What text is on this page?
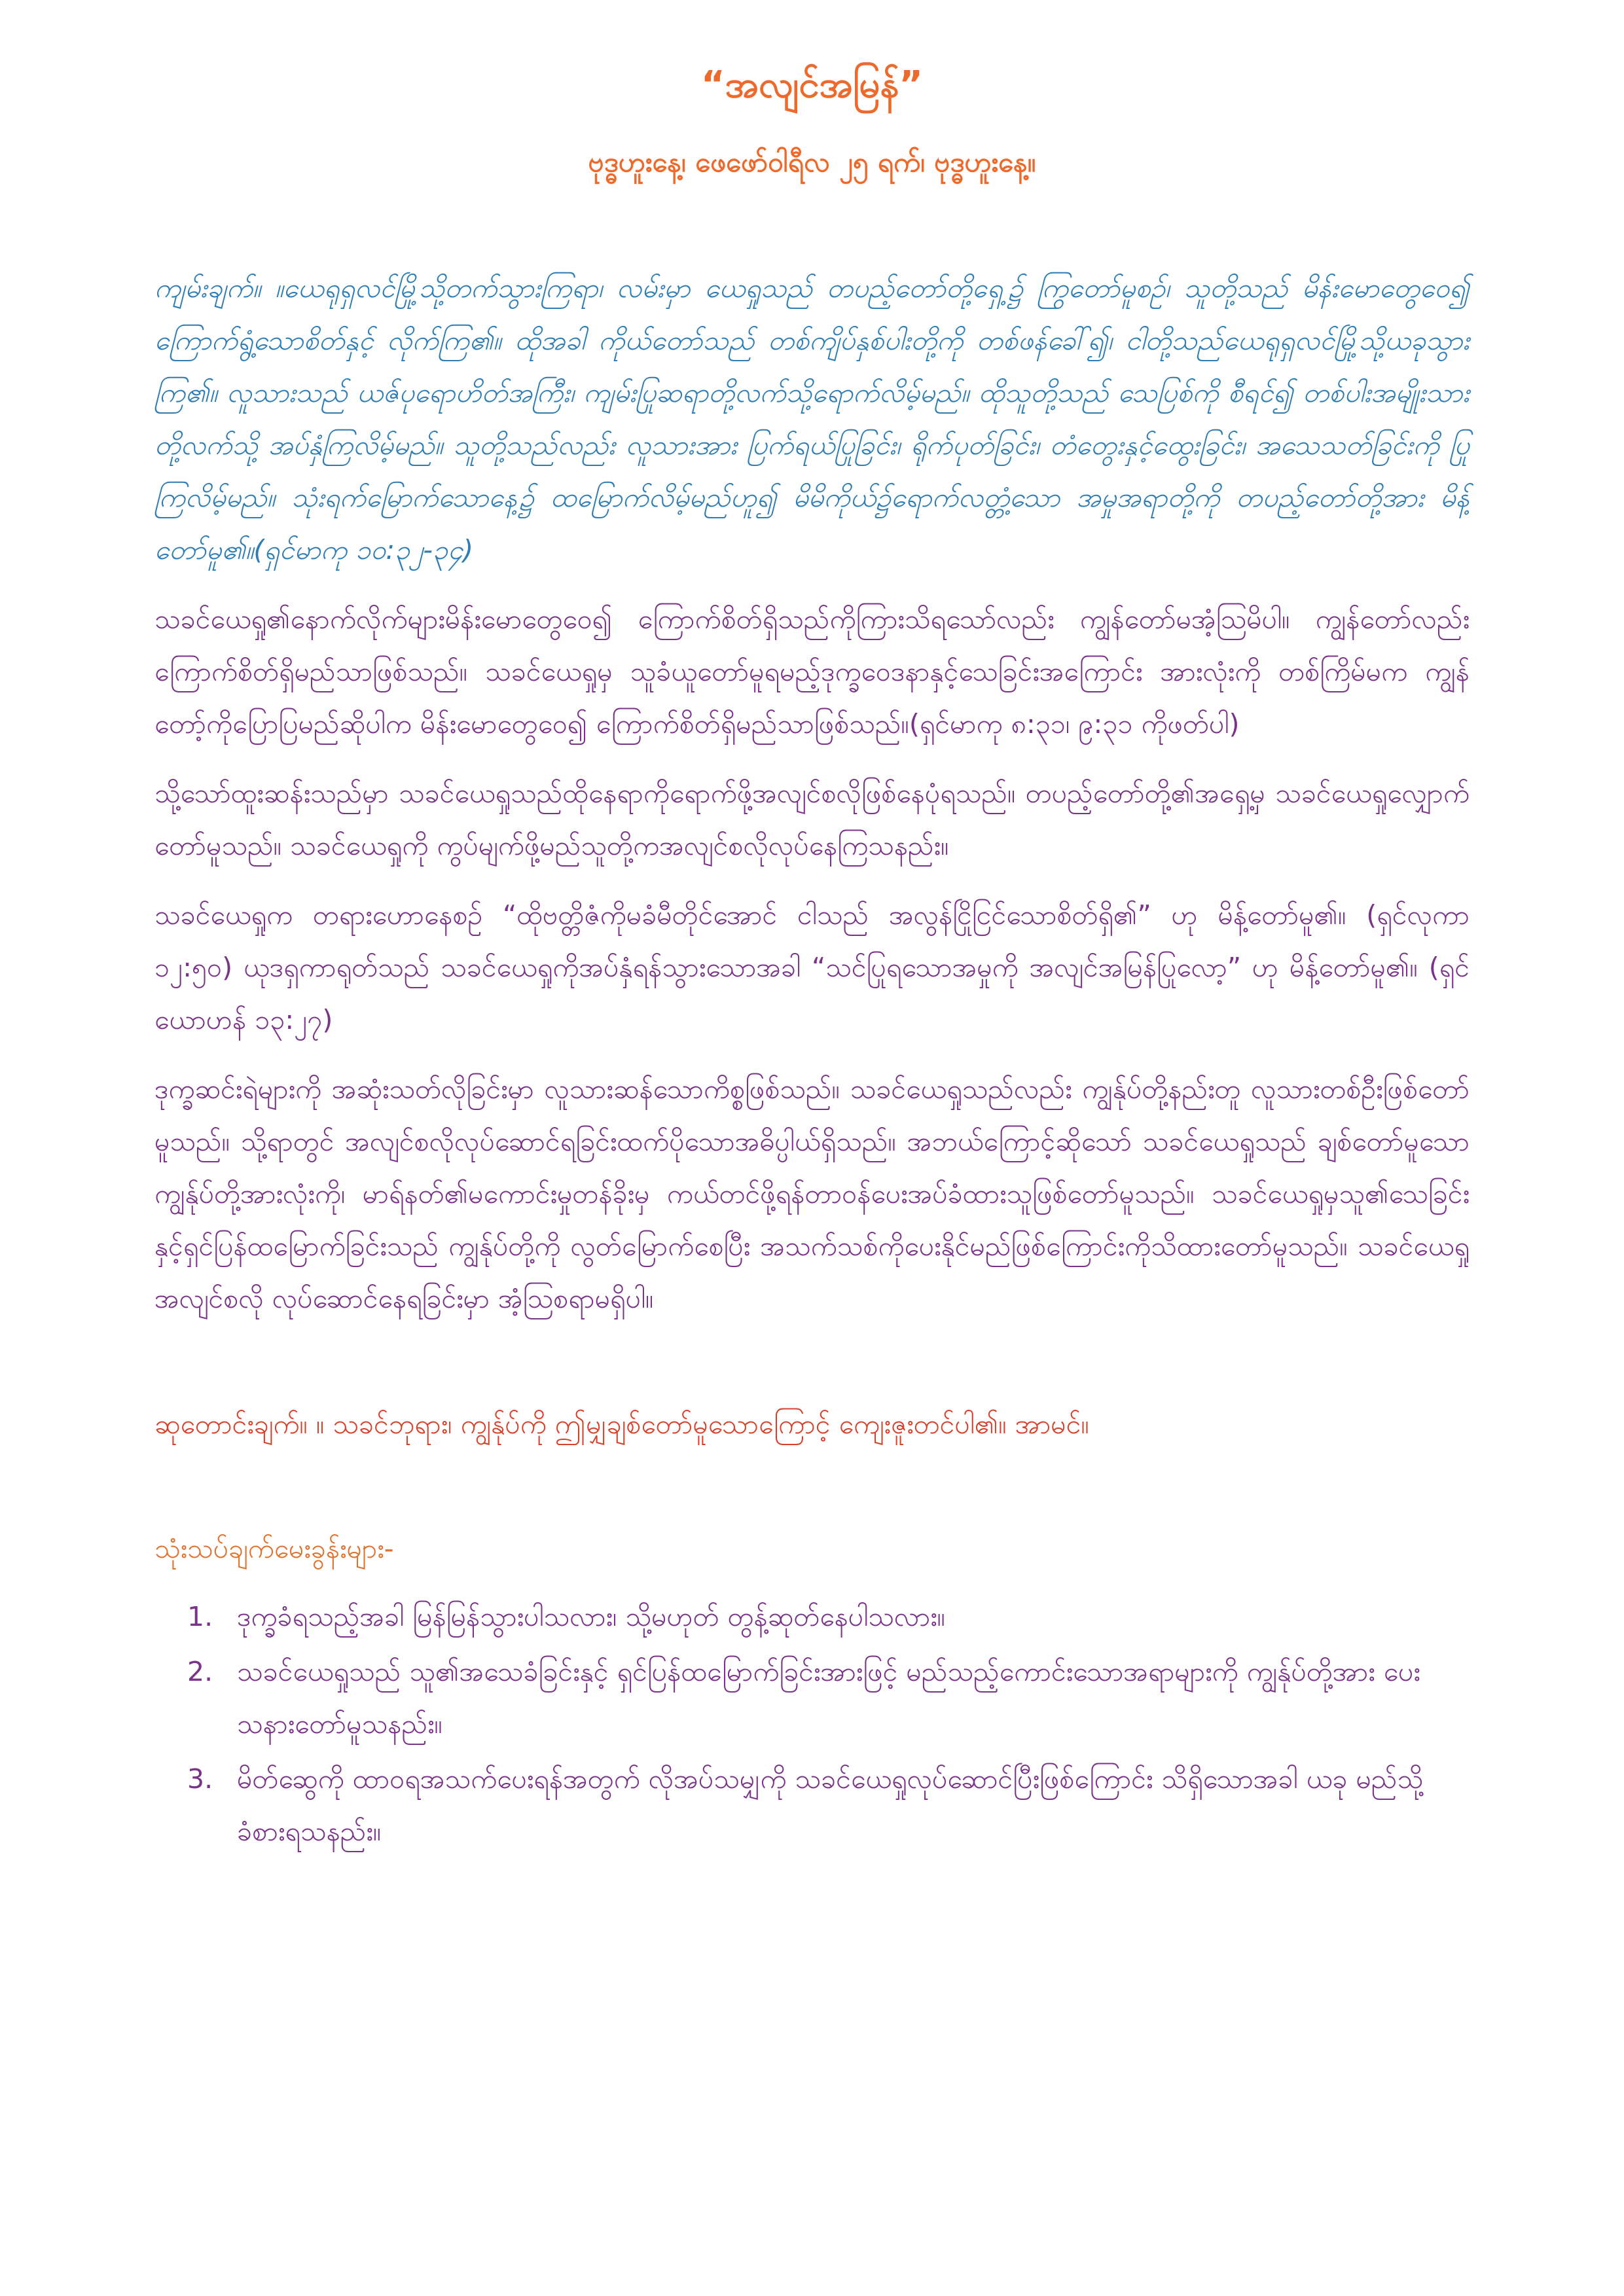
“အလျင်အမြန်”
ဗုဒ္ဓဟူးနေ့၊ ဖေဖော်ဝါရီလ ၂၅ ရက်၊ ဗုဒ္ဓဟူးနေ့။
ကျမ်းချက်။ ။ယေရုရှလင်မြို့သို့တက်သွားကြရာ၊ လမ်းမှာ ယေရှုသည် တပည့်တော်တို့ရှေ့၌ ကြွတော်မူစဉ်၊ သူတို့သည် မိန်းမောတွေဝေ၍ ကြောက်ရွံ့သောစိတ်နှင့် လိုက်ကြ၏။ ထိုအခါ ကိုယ်တော်သည် တစ်ကျိပ်နှစ်ပါးတို့ကို တစ်ဖန်ခေါ်၍၊ ငါတို့သည်ယေရုရှလင်မြို့သို့ယခုသွားကြ၏။ လူသားသည် ယဇ်ပုရောဟိတ်အကြီး၊ ကျမ်းပြုဆရာတို့လက်သို့ရောက်လိမ့်မည်။ ထိုသူတို့သည် သေပြစ်ကို စီရင်၍ တစ်ပါးအမျိုးသားတို့လက်သို့ အပ်နှံကြလိမ့်မည်။ သူတို့သည်လည်း လူသားအား ပြက်ရယ်ပြုခြင်း၊ ရိုက်ပုတ်ခြင်း၊ တံတွေးနှင့်ထွေးခြင်း၊ အသေသတ်ခြင်းကို ပြုကြလိမ့်မည်။ သုံးရက်မြောက်သောနေ့၌ ထမြောက်လိမ့်မည်ဟူ၍ မိမိကိုယ်၌ရောက်လတ္တံ့သော အမှုအရာတို့ကို တပည့်တော်တို့အား မိန့်တော်မူ၏။(ရှင်မာကု ၁၀:၃၂-၃၄)
သခင်ယေရှု၏နောက်လိုက်များမိန်းမောတွေဝေ၍ ကြောက်စိတ်ရှိသည်ကိုကြားသိရသော်လည်း ကျွန်တော်မအံ့သြမိပါ။ ကျွန်တော်လည်း ကြောက်စိတ်ရှိမည်သာဖြစ်သည်။ သခင်ယေရှုမှ သူခံယူတော်မူရမည့်ဒုက္ခဝေဒနာနှင့်သေခြင်းအကြောင်း အားလုံးကို တစ်ကြိမ်မက ကျွန်တော့်ကိုပြောပြမည်ဆိုပါက မိန်းမောတွေဝေ၍ ကြောက်စိတ်ရှိမည်သာဖြစ်သည်။(ရှင်မာကု ၈:၃၁၊ ၉:၃၁ ကိုဖတ်ပါ)
သို့သော်ထူးဆန်းသည်မှာ သခင်ယေရှုသည်ထိုနေရာကိုရောက်ဖို့အလျင်စလိုဖြစ်နေပုံရသည်။ တပည့်တော်တို့၏အရှေ့မှ သခင်ယေရှုလျှောက်တော်မူသည်။ သခင်ယေရှုကို ကွပ်မျက်ဖို့မည်သူတို့ကအလျင်စလိုလုပ်နေကြသနည်း။
သခင်ယေရှုက တရားဟောနေစဉ် “ထိုဗတ္တိဇံကိုမခံမီတိုင်အောင် ငါသည် အလွန်ငြိုငြင်သောစိတ်ရှိ၏” ဟု မိန့်တော်မူ၏။ (ရှင်လုကာ ၁၂:၅၀) ယုဒရှကာရုတ်သည် သခင်ယေရှုကိုအပ်နှံရန်သွားသောအခါ “သင်ပြုရသောအမှုကို အလျင်အမြန်ပြုလော့” ဟု မိန့်တော်မူ၏။ (ရှင်ယောဟန် ၁၃:၂၇)
ဒုက္ခဆင်းရဲများကို အဆုံးသတ်လိုခြင်းမှာ လူသားဆန်သောကိစ္စဖြစ်သည်။ သခင်ယေရှုသည်လည်း ကျွန်ုပ်တို့နည်းတူ လူသားတစ်ဦးဖြစ်တော်မူသည်။ သို့ရာတွင် အလျင်စလိုလုပ်ဆောင်ရခြင်းထက်ပိုသောအဓိပ္ပါယ်ရှိသည်။ အဘယ်ကြောင့်ဆိုသော် သခင်ယေရှုသည် ချစ်တော်မူသောကျွန်ုပ်တို့အားလုံးကို၊ မာရ်နတ်၏မကောင်းမှုတန်ခိုးမှ ကယ်တင်ဖို့ရန်တာဝန်ပေးအပ်ခံထားသူဖြစ်တော်မူသည်။ သခင်ယေရှုမှသူ၏သေခြင်းနှင့်ရှင်ပြန်ထမြောက်ခြင်းသည် ကျွန်ုပ်တို့ကို လွတ်မြောက်စေပြီး အသက်သစ်ကိုပေးနိုင်မည်ဖြစ်ကြောင်းကိုသိထားတော်မူသည်။ သခင်ယေရှုအလျင်စလို လုပ်ဆောင်နေရခြင်းမှာ အံ့သြစရာမရှိပါ။
ဆုတောင်းချက်။ ။ သခင်ဘုရား၊ ကျွန်ုပ်ကို ဤမျှချစ်တော်မူသောကြောင့် ကျေးဇူးတင်ပါ၏။ အာမင်။
သုံးသပ်ချက်မေးခွန်းများ-
1. ဒုက္ခခံရသည့်အခါ မြန်မြန်သွားပါသလား၊ သို့မဟုတ် တွန့်ဆုတ်နေပါသလား။
2. သခင်ယေရှုသည် သူ၏အသေခံခြင်းနှင့် ရှင်ပြန်ထမြောက်ခြင်းအားဖြင့် မည်သည့်ကောင်းသောအရာများကို ကျွန်ုပ်တို့အား ပေးသနားတော်မူသနည်း။
3. မိတ်ဆွေကို ထာဝရအသက်ပေးရန်အတွက် လိုအပ်သမျှကို သခင်ယေရှုလုပ်ဆောင်ပြီးဖြစ်ကြောင်း သိရှိသောအခါ ယခု မည်သို့ခံစားရသနည်း။
